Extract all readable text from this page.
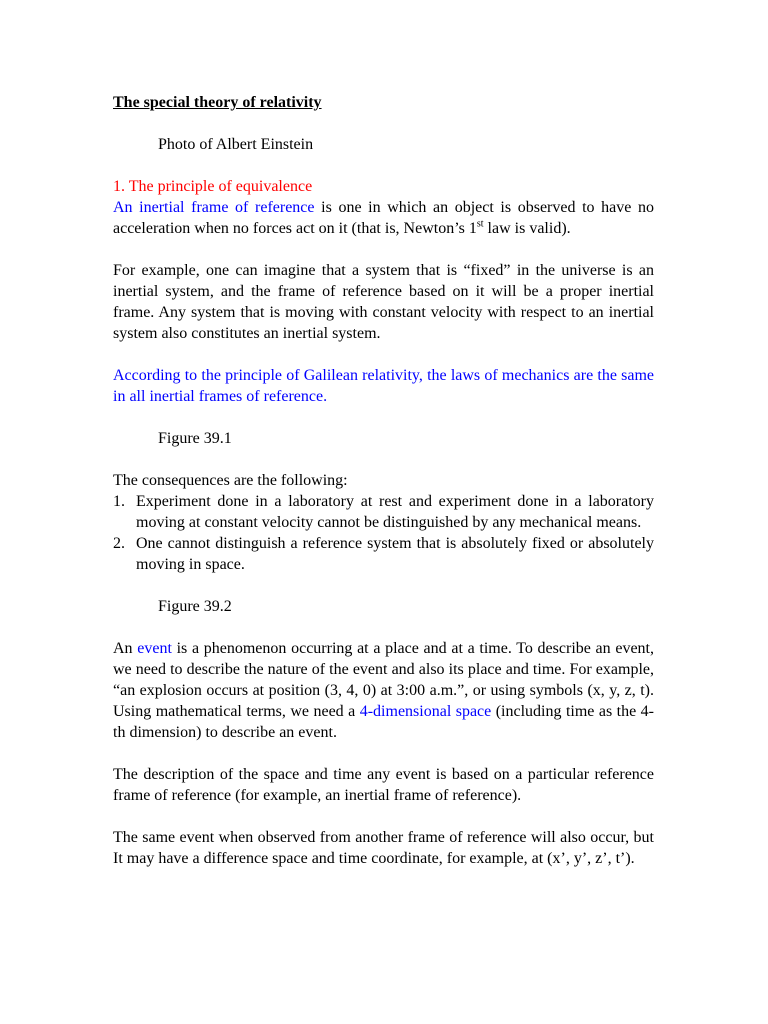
The special theory of relativity

Photo of Albert Einstein

1. The principle of equivalence

An inertial frame of reference is one in which an object is observed to have no acceleration when no forces act on it (that is, Newton’s 1st law is valid).

For example, one can imagine that a system that is “fixed” in the universe is an inertial system, and the frame of reference based on it will be a proper inertial frame. Any system that is moving with constant velocity with respect to an inertial system also constitutes an inertial system.

According to the principle of Galilean relativity, the laws of mechanics are the same in all inertial frames of reference.

Figure 39.1

The consequences are the following:

1. Experiment done in a laboratory at rest and experiment done in a laboratory moving at constant velocity cannot be distinguished by any mechanical means.
2. One cannot distinguish a reference system that is absolutely fixed or absolutely moving in space.

Figure 39.2

An event is a phenomenon occurring at a place and at a time. To describe an event, we need to describe the nature of the event and also its place and time. For example, “an explosion occurs at position (3, 4, 0) at 3:00 a.m.”, or using symbols (x, y, z, t). Using mathematical terms, we need a 4-dimensional space (including time as the 4-th dimension) to describe an event.

The description of the space and time any event is based on a particular reference frame of reference (for example, an inertial frame of reference).

The same event when observed from another frame of reference will also occur, but It may have a difference space and time coordinate, for example, at (x’, y’, z’, t’).
